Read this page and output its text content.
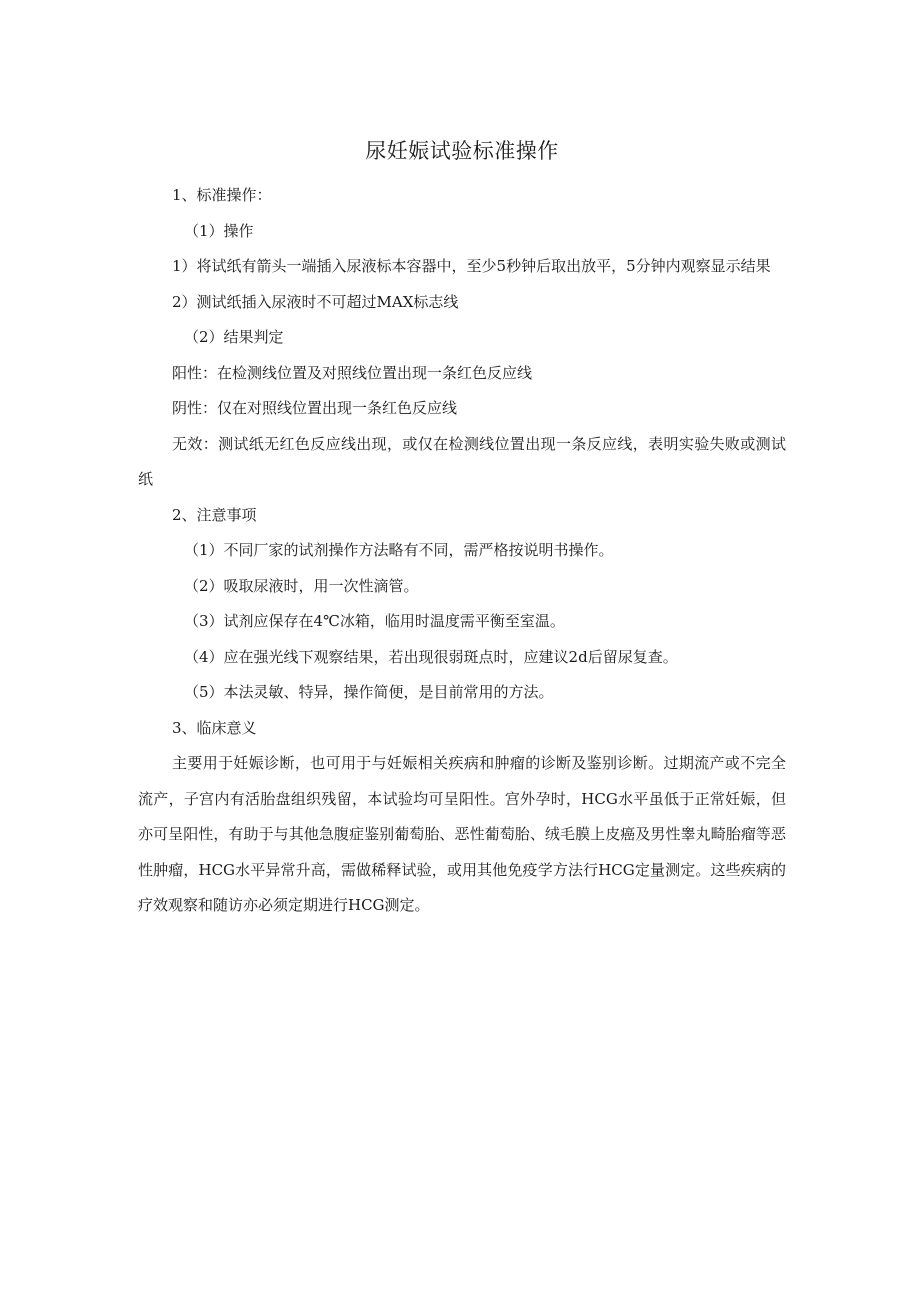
尿妊娠试验标准操作

1、标准操作：

（1）操作

1）将试纸有箭头一端插入尿液标本容器中，至少5秒钟后取出放平，5分钟内观察显示结果

2）测试纸插入尿液时不可超过MAX标志线

（2）结果判定

阳性：在检测线位置及对照线位置出现一条红色反应线

阴性：仅在对照线位置出现一条红色反应线

无效：测试纸无红色反应线出现，或仅在检测线位置出现一条反应线，表明实验失败或测试纸

2、注意事项

（1）不同厂家的试剂操作方法略有不同，需严格按说明书操作。

（2）吸取尿液时，用一次性滴管。

（3）试剂应保存在4℃冰箱，临用时温度需平衡至室温。

（4）应在强光线下观察结果，若出现很弱斑点时，应建议2d后留尿复查。

（5）本法灵敏、特异，操作简便，是目前常用的方法。

3、临床意义

主要用于妊娠诊断，也可用于与妊娠相关疾病和肿瘤的诊断及鉴别诊断。过期流产或不完全流产，子宫内有活胎盘组织残留，本试验均可呈阳性。宫外孕时，HCG水平虽低于正常妊娠，但亦可呈阳性，有助于与其他急腹症鉴别葡萄胎、恶性葡萄胎、绒毛膜上皮癌及男性睾丸畸胎瘤等恶性肿瘤，HCG水平异常升高，需做稀释试验，或用其他免疫学方法行HCG定量测定。这些疾病的疗效观察和随访亦必须定期进行HCG测定。
